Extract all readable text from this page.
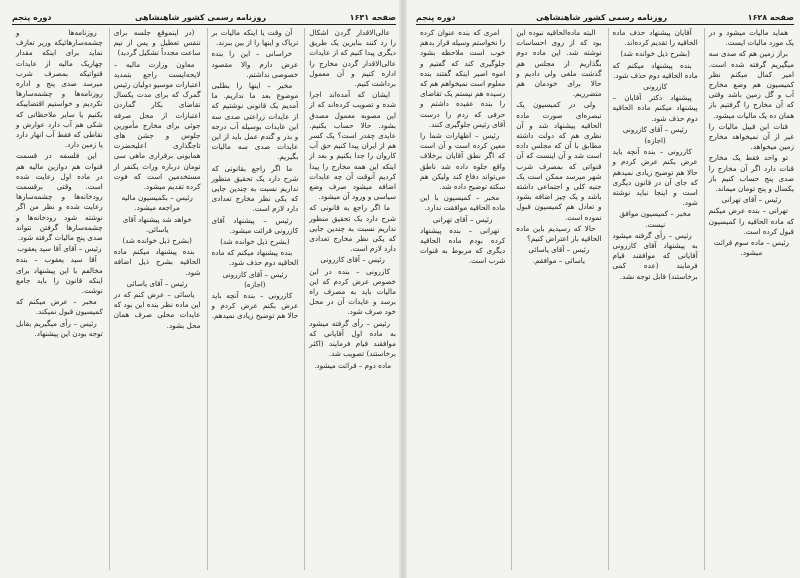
صفحه ۱۶۳۱
روزنامه رسمی کشور شاهنشاهی
دوره پنجم

عالی‌الاقدار گردن اشکال را رد کنند بنابرین یک طریق دیگری پیدا کنیم که از عایدات عالی‌الاقدار گردن مخارج را اداره کنیم و آن معمول برداشت کنیم.

ایشان که آمده‌اند اجرا شده و تصویب کرده‌اند که از این مصوبه معمول مصدق بشود. حالا حساب بکنیم. عایدی چقدر است؟ یک کسر هم از ایران پیدا کنیم حق آب کاروان را جدا بکنیم و بعد از اینکه این همه مخارج را پیدا کردیم آنوقت آن چه عایدات اضافه میشود صرف وضع سیاسی و ورود آن میشود.

ما اگر راجع به قانونی که شرح دارد یک تحقیق منظور نداریم نسبت به چندین جایی که یکی نظر مخارج تعدادی دارد لازم است.

رئیس – آقای کازرونی

کازرونی – بنده در این خصوص عرض کردم که این مالیات باید به مصرف راه برسد و عایدات آن در محل خود صرف شود.

رئیس – رأی گرفته میشود به ماده اول آقایانی که موافقند قیام فرمایند (اکثر برخاستند) تصویب شد.

ماده دوم – قرائت میشود.

آن وقت یا اینکه مالیات بر تریاک و اینها را از بین ببرند.

خراسانی – این را بنده عرض دارم والا مقصود خصوصی نداشتم.

مخبر – اینها را بطلبی موضوع بعد ما نداریم. ما آمدیم یک قانونی نوشتیم که از عایدات زراعتی صدی سه این عایدات بوسیله آب درجه و بذر و گندم عمل باید از این عایدات صدی سه مالیات بگیریم.

ما اگر راجع بقانونی که شرح دارد یک تحقیق منظور نداریم نسبت به چندین جایی که یکی نظر مخارج تعدادی دارد لازم است.

رئیس – پیشنهاد آقای کازرونی قرائت میشود.

(بشرح ذیل خوانده شد)

بنده پیشنهاد میکنم که ماده الحاقیه دوم حذف شود.

رئیس – آقای کازرونی (اجازه)

کازرونی – بنده آنچه باید عرض بکنم عرض کردم و حالا هم توضیح زیادی نمیدهم.

(در اینموقع جلسه برای تنفس تعطیل و پس از نیم ساعت مجدداً تشکیل گردید)

معاون وزارت مالیه – لایحه‌ایست راجع بتمدید اعتبارات موسیو دولیان رئیس گمرک که برای مدت یکسال تقاضای بکار گماردن اعتبارات از محل صرفه جوئی برای مخارج مأمورین جلوس و جشن های تاجگذاری اعلیحضرت همایونی برقراری ماهی سی تومان درباره وراث یکنفر از مستخدمین است که فوت کرده تقدیم میشود.

رئیس – بکمیسیون مالیه مراجعه میشود.

خواهد شد پیشنهاد آقای یاسائی.

(بشرح ذیل خوانده شد)

بنده پیشنهاد میکنم ماده الحاقیه بشرح ذیل اضافه شود.

رئیس – آقای یاسائی

یاسائی – عرض کنم که در این ماده نظر بنده این بود که عایدات محلی صرف همان محل بشود.

روزنامه‌ها و چشمه‌سارهائیکه وزیر تعارف نماید برای اینکه مقدار چهاریک مالیه از عایدات قنواتیکه بمصرف شرب میرسد صدی پنج و اداره روزنامه‌ها و چشمه‌سارها نکردیم و خواستیم اقتضاییکه بکنیم یا سایر ملاحظاتی که شکی هم آب دارد عوارض و نقاطی که فقط آب انهار دارد یا زمین دارد.

این فلسفه در قسمت قنوات هم دوازین مالیه هم در ماده اول رعایت شده است. وقتی برقسمت رودخانه‌ها و چشمه‌سارها رعایت شده و نظر من اگر نوشته شود رودخانه‌ها و چشمه‌سارها گرفتن نتواند صدی پنج مالیات گرفته شود.

رئیس – آقای آقا سید یعقوب

آقا سید یعقوب – بنده مخالفم با این پیشنهاد برای اینکه قانون را باید جامع نوشت.

مخبر – عرض میکنم که کمیسیون قبول نمیکند.

رئیس – رأی میگیریم بقابل توجه بودن این پیشنهاد.

صفحه ۱۶۲۸
روزنامه رسمی کشور شاهنشاهی
دوره پنجم

هماید مالیات میشود و در یک مورد مالیات ایست.

براز زمین هم که صدی سه میگیریم گرفته شده است. امیر کمال میکنم نظر کمیسیون هم وضع مخارج آب و گل زمین باشد وقتی که آن مخارج را گرفتیم باز همان ده یک مالیات میشود.

قنات این قبیل مالیات را غیر از آن نمیخواهد مخارج زمین میخواهد.

تو واحد فقط یک مخارج قنات دارد اگر آن مخارج را صدی پنج حساب کنیم باز یکسال و پنج تومان میماند.

رئیس – آقای تهرانی

تهرانی – بنده عرض میکنم که ماده الحاقیه را کمیسیون قبول کرده است.

رئیس – ماده سوم قرائت میشود.

آقایان پیشنهاد حذف ماده الحاقیه را تقدیم کرده‌اند.

(بشرح ذیل خوانده شد)

بنده پیشنهاد میکنم که ماده الحاقیه دوم حذف شود.

کازرونی

پیشنهاد دکتر آقایان – پیشنهاد میکنم ماده الحاقیه دوم حذف شود.

رئیس – آقای کازرونی

(اجازه)

کازرونی – بنده آنچه باید عرض بکنم عرض کردم و حالا هم توضیح زیادی نمیدهم که جای آن در قانون دیگری است و اینجا نباید نوشته شود.

مخبر – کمیسیون موافق نیست.

رئیس – رأی گرفته میشود به پیشنهاد آقای کازرونی آقایانی که موافقند قیام فرمایند (عده کمی برخاستند) قابل توجه نشد.

البته ماده‌الحاقیه نبوده این بود که از روی احساسات نوشته شد. این ماده دوم بگذاریم از مجلس هم گذشت ملغی ولی دادیم و حالا برای خودمان هم متضرریم.

ولی در کمیسیون یک تبصره‌ای صورت ماده الحاقیه پیشنهاد شد و آن نظری هم که دولت داشته مطابق با آن که مجلس داده است شد و آن اینست که آن قنواتی که بمصرف شرب شهر میرسد ممکن است یک جنبه کلی و اجتماعی داشته باشد و یک چیز اضافه بشود و تعادل هم کمیسیون قبول نموده است.

حالا که رسیدیم باین ماده الحاقیه باز اعتراض کنیم؟

رئیس – آقای یاسائی

یاسائی – موافقم.

امری که بنده عنوان کرده را نخواستم وسیله قرار بدهم خوب است ملاحظه بشود جلوگیری کند که گفتیم و اموه اصیر اینکه گفتند بنده معلوم است نمیخواهم هم که رسیده هم نیستم یک تقاضای را بنده عقیده داشتم و حرفی که زدم را درست آقای رئیس جلوگیری کنند.

رئیس – اظهارات شما را معین کرده است و آن است که اگر نطق آقایان برخلاف واقع جلوه داده شد ناطق می‌تواند دفاع کند ولیکن هم سکته توضیح داده شد.

مخبر – کمیسیون با این ماده الحاقیه موافقت ندارد.

رئیس – آقای تهرانی

تهرانی – بنده پیشنهاد کرده بودم ماده الحاقیه دیگری که مربوط به قنوات شرب است.
